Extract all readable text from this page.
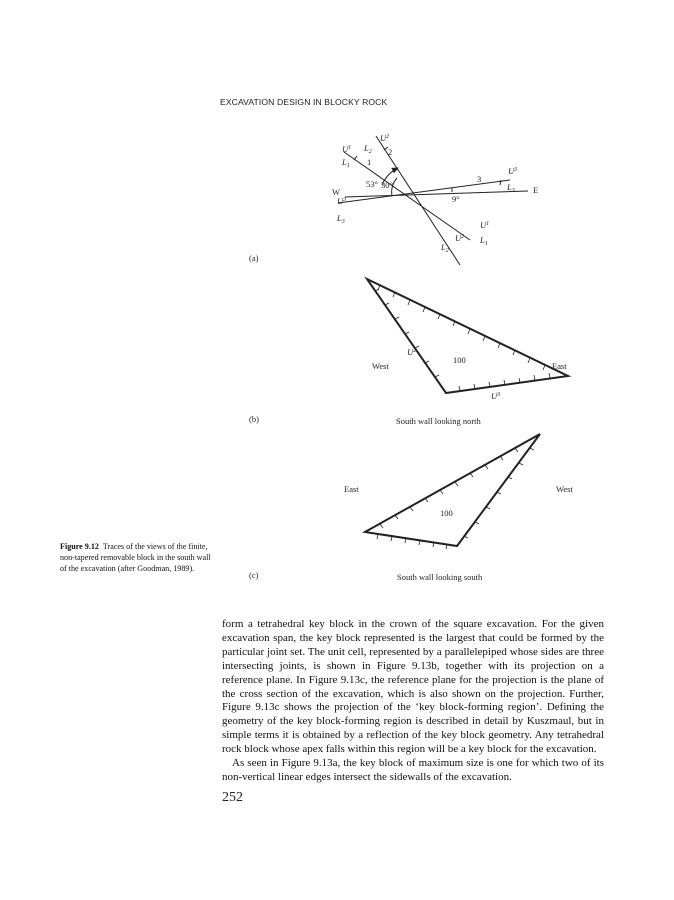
EXCAVATION DESIGN IN BLOCKY ROCK
$U^2$
$L_2$ 2
$U^1$
$L_1$ 1
$U^3$
3
$L_3$ E
W
53° 30°
9°
$U^3$
$L_3$	$U^1$
$L_1$
$U^2$
$L_2$
(a)
West	East
100
$U^2$
$U^3$
(b)	South wall looking north
East	West
100
(c)	South wall looking south
Figure 9.12 Traces of the views of the finite, non-tapered removable block in the south wall of the excavation (after Goodman, 1989).

form a tetrahedral key block in the crown of the square excavation. For the given excavation span, the key block represented is the largest that could be formed by the particular joint set. The unit cell, represented by a parallelepiped whose sides are three intersecting joints, is shown in Figure 9.13b, together with its projection on a reference plane. In Figure 9.13c, the reference plane for the projection is the plane of the cross section of the excavation, which is also shown on the projection. Further, Figure 9.13c shows the projection of the ‘key block-forming region’. Defining the geometry of the key block-forming region is described in detail by Kuszmaul, but in simple terms it is obtained by a reflection of the key block geometry. Any tetrahedral rock block whose apex falls within this region will be a key block for the excavation.

As seen in Figure 9.13a, the key block of maximum size is one for which two of its non-vertical linear edges intersect the sidewalls of the excavation.

252
